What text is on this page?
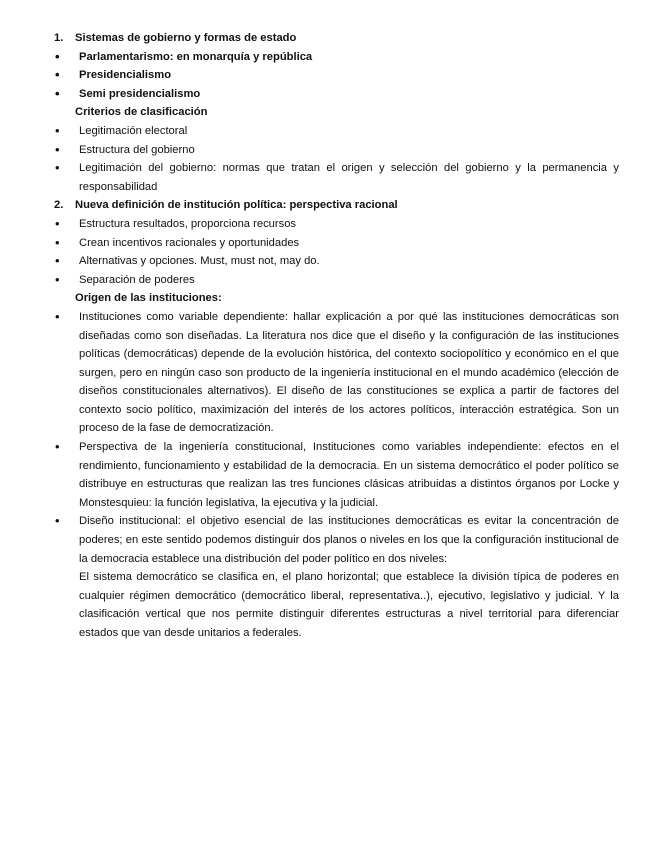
1. Sistemas de gobierno y formas de estado
• Parlamentarismo: en monarquía y república
• Presidencialismo
• Semi presidencialismo
Criterios de clasificación
• Legitimación electoral
• Estructura del gobierno
• Legitimación del gobierno: normas que tratan el origen y selección del gobierno y la permanencia y responsabilidad
2. Nueva definición de institución política: perspectiva racional
• Estructura resultados, proporciona recursos
• Crean incentivos racionales y oportunidades
• Alternativas y opciones. Must, must not, may do.
• Separación de poderes
Origen de las instituciones:
• Instituciones como variable dependiente: hallar explicación a por qué las instituciones democráticas son diseñadas como son diseñadas. La literatura nos dice que el diseño y la configuración de las instituciones políticas (democráticas) depende de la evolución histórica, del contexto sociopolítico y económico en el que surgen, pero en ningún caso son producto de la ingeniería institucional en el mundo académico (elección de diseños constitucionales alternativos). El diseño de las constituciones se explica a partir de factores del contexto socio político, maximización del interés de los actores políticos, interacción estratégica. Son un proceso de la fase de democratización.
• Perspectiva de la ingeniería constitucional, Instituciones como variables independiente: efectos en el rendimiento, funcionamiento y estabilidad de la democracia. En un sistema democrático el poder político se distribuye en estructuras que realizan las tres funciones clásicas atribuidas a distintos órganos por Locke y Monstesquieu: la función legislativa, la ejecutiva y la judicial.
• Diseño institucional: el objetivo esencial de las instituciones democráticas es evitar la concentración de poderes; en este sentido podemos distinguir dos planos o niveles en los que la configuración institucional de la democracia establece una distribución del poder político en dos niveles:
El sistema democrático se clasifica en, el plano horizontal; que establece la división típica de poderes en cualquier régimen democrático (democrático liberal, representativa..), ejecutivo, legislativo y judicial. Y la clasificación vertical que nos permite distinguir diferentes estructuras a nivel territorial para diferenciar estados que van desde unitarios a federales.
